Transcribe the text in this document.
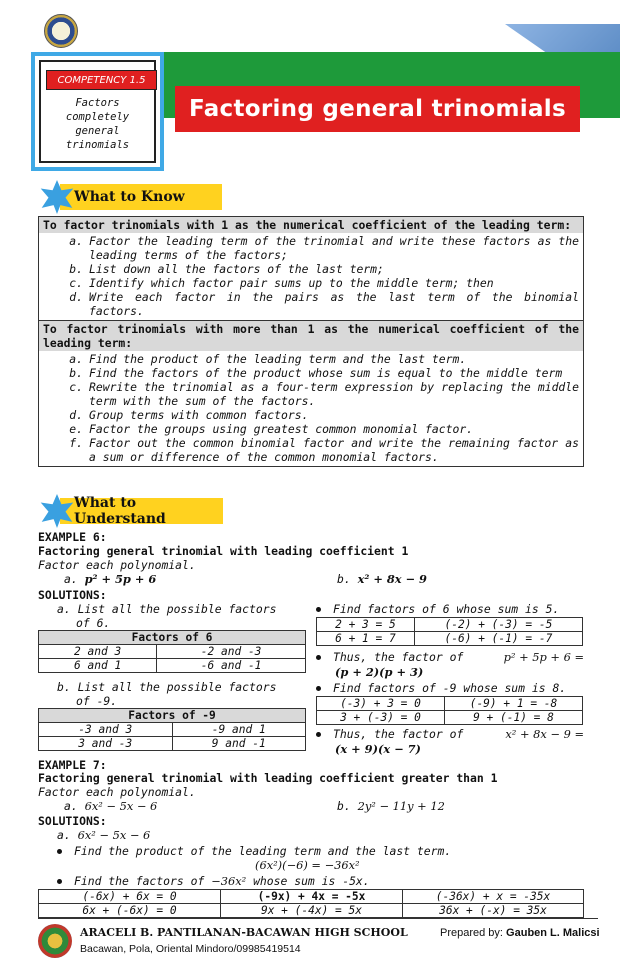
Factoring general trinomials
COMPETENCY 1.5
Factors
completely
general
trinomials
What to Know
To factor trinomials with 1 as the numerical coefficient of the leading term:
a. Factor the leading term of the trinomial and write these factors as the leading terms of the factors;
b. List down all the factors of the last term;
c. Identify which factor pair sums up to the middle term; then
d. Write each factor in the pairs as the last term of the binomial factors.
To factor trinomials with more than 1 as the numerical coefficient of the leading term:
a. Find the product of the leading term and the last term.
b. Find the factors of the product whose sum is equal to the middle term
c. Rewrite the trinomial as a four-term expression by replacing the middle term with the sum of the factors.
d. Group terms with common factors.
e. Factor the groups using greatest common monomial factor.
f. Factor out the common binomial factor and write the remaining factor as a sum or difference of the common monomial factors.
What to Understand
EXAMPLE 6:
Factoring general trinomial with leading coefficient 1
Factor each polynomial.
a. p² + 5p + 6	b. x² + 8x − 9
SOLUTIONS:
a. List all the possible factors
of 6.
Factors of 6	
2 and 3	-2 and -3
6 and 1	-6 and -1
b. List all the possible factors
of -9.
Factors of -9	
-3 and 3	-9 and 1
3 and -3	9 and -1
Find factors of 6 whose sum is 5.
2 + 3 = 5	(-2) + (-3) = -5
6 + 1 = 7	(-6) + (-1) = -7
Thus, the factor of	p² + 5p + 6 =
(p + 2)(p + 3)
Find factors of -9 whose sum is 8.
(-3) + 3 = 0	(-9) + 1 = -8
3 + (-3) = 0	9 + (-1) = 8
Thus, the factor of	x² + 8x − 9 =
(x + 9)(x − 7)
EXAMPLE 7:
Factoring general trinomial with leading coefficient greater than 1
Factor each polynomial.
a. 6x² − 5x − 6	b. 2y² − 11y + 12
SOLUTIONS:
a. 6x² − 5x − 6
Find the product of the leading term and the last term.
(6x²)(−6) = −36x²
Find the factors of −36x² whose sum is -5x.
(-6x) + 6x = 0	(-9x) + 4x = -5x	(-36x) + x = -35x
6x + (-6x) = 0	9x + (-4x) = 5x	36x + (-x) = 35x
ARACELI B. PANTILANAN-BACAWAN HIGH SCHOOL
Bacawan, Pola, Oriental Mindoro/09985419514
Prepared by: Gauben L. Malicsi
